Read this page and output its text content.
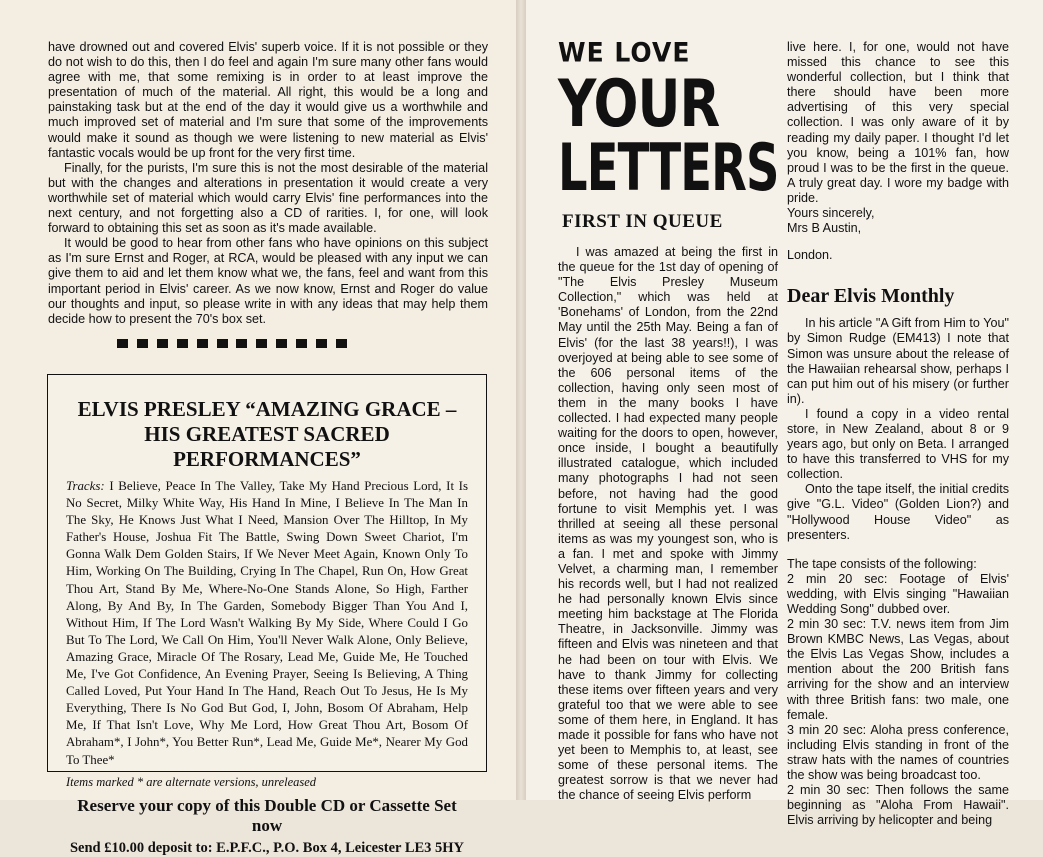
have drowned out and covered Elvis' superb voice. If it is not possible or they do not wish to do this, then I do feel and again I'm sure many other fans would agree with me, that some remixing is in order to at least improve the presentation of much of the material. All right, this would be a long and painstaking task but at the end of the day it would give us a worthwhile and much improved set of material and I'm sure that some of the improvements would make it sound as though we were listening to new material as Elvis' fantastic vocals would be up front for the very first time.

Finally, for the purists, I'm sure this is not the most desirable of the material but with the changes and alterations in presentation it would create a very worthwhile set of material which would carry Elvis' fine performances into the next century, and not forgetting also a CD of rarities. I, for one, will look forward to obtaining this set as soon as it's made available.

It would be good to hear from other fans who have opinions on this subject as I'm sure Ernst and Roger, at RCA, would be pleased with any input we can give them to aid and let them know what we, the fans, feel and want from this important period in Elvis' career. As we now know, Ernst and Roger do value our thoughts and input, so please write in with any ideas that may help them decide how to present the 70's box set.

ELVIS PRESLEY “AMAZING GRACE – HIS GREATEST SACRED PERFORMANCES”
Tracks: I Believe, Peace In The Valley, Take My Hand Precious Lord, It Is No Secret, Milky White Way, His Hand In Mine, I Believe In The Man In The Sky, He Knows Just What I Need, Mansion Over The Hilltop, In My Father's House, Joshua Fit The Battle, Swing Down Sweet Chariot, I'm Gonna Walk Dem Golden Stairs, If We Never Meet Again, Known Only To Him, Working On The Building, Crying In The Chapel, Run On, How Great Thou Art, Stand By Me, Where-No-One Stands Alone, So High, Farther Along, By And By, In The Garden, Somebody Bigger Than You And I, Without Him, If The Lord Wasn't Walking By My Side, Where Could I Go But To The Lord, We Call On Him, You'll Never Walk Alone, Only Believe, Amazing Grace, Miracle Of The Rosary, Lead Me, Guide Me, He Touched Me, I've Got Confidence, An Evening Prayer, Seeing Is Believing, A Thing Called Loved, Put Your Hand In The Hand, Reach Out To Jesus, He Is My Everything, There Is No God But God, I, John, Bosom Of Abraham, Help Me, If That Isn't Love, Why Me Lord, How Great Thou Art, Bosom Of Abraham*, I John*, You Better Run*, Lead Me, Guide Me*, Nearer My God To Thee*
Items marked * are alternate versions, unreleased
Reserve your copy of this Double CD or Cassette Set now
Send £10.00 deposit to: E.P.F.C., P.O. Box 4, Leicester LE3 5HY
WE LOVE
YOUR
LETTERS
FIRST IN QUEUE

I was amazed at being the first in the queue for the 1st day of opening of "The Elvis Presley Museum Collection," which was held at 'Bonehams' of London, from the 22nd May until the 25th May. Being a fan of Elvis' (for the last 38 years!!), I was overjoyed at being able to see some of the 606 personal items of the collection, having only seen most of them in the many books I have collected. I had expected many people waiting for the doors to open, however, once inside, I bought a beautifully illustrated catalogue, which included many photographs I had not seen before, not having had the good fortune to visit Memphis yet. I was thrilled at seeing all these personal items as was my youngest son, who is a fan. I met and spoke with Jimmy Velvet, a charming man, I remember his records well, but I had not realized he had personally known Elvis since meeting him backstage at The Florida Theatre, in Jacksonville. Jimmy was fifteen and Elvis was nineteen and that he had been on tour with Elvis. We have to thank Jimmy for collecting these items over fifteen years and very grateful too that we were able to see some of them here, in England. It has made it possible for fans who have not yet been to Memphis to, at least, see some of these personal items. The greatest sorrow is that we never had the chance of seeing Elvis perform

live here. I, for one, would not have missed this chance to see this wonderful collection, but I think that there should have been more advertising of this very special collection. I was only aware of it by reading my daily paper. I thought I'd let you know, being a 101% fan, how proud I was to be the first in the queue. A truly great day. I wore my badge with pride.

Yours sincerely,

Mrs B Austin,

London.

Dear Elvis Monthly

In his article "A Gift from Him to You" by Simon Rudge (EM413) I note that Simon was unsure about the release of the Hawaiian rehearsal show, perhaps I can put him out of his misery (or further in).

I found a copy in a video rental store, in New Zealand, about 8 or 9 years ago, but only on Beta. I arranged to have this transferred to VHS for my collection.

Onto the tape itself, the initial credits give "G.L. Video" (Golden Lion?) and "Hollywood House Video" as presenters.

The tape consists of the following:

2 min 20 sec: Footage of Elvis' wedding, with Elvis singing "Hawaiian Wedding Song" dubbed over.

2 min 30 sec: T.V. news item from Jim Brown KMBC News, Las Vegas, about the Elvis Las Vegas Show, includes a mention about the 200 British fans arriving for the show and an interview with three British fans: two male, one female.

3 min 20 sec: Aloha press conference, including Elvis standing in front of the straw hats with the names of countries the show was being broadcast too.

2 min 30 sec: Then follows the same beginning as "Aloha From Hawaii". Elvis arriving by helicopter and being
